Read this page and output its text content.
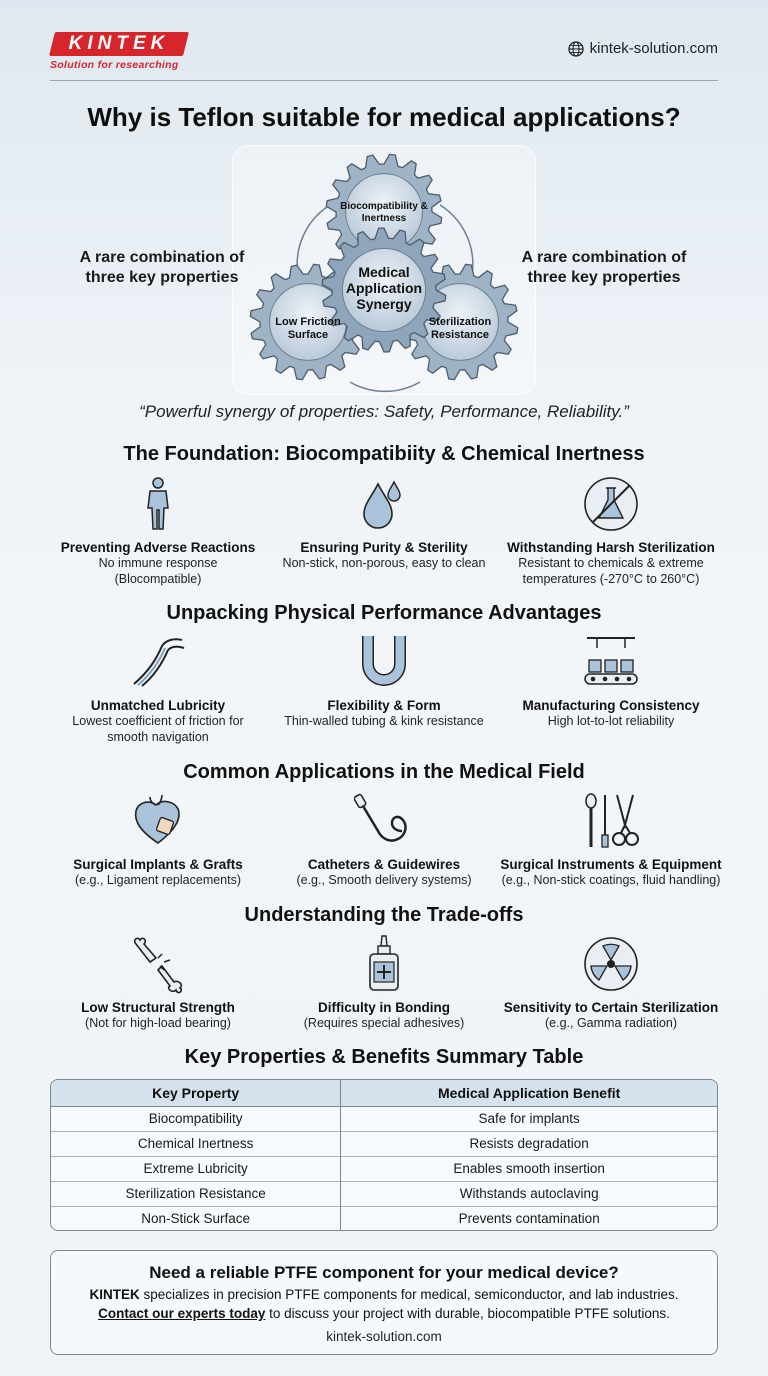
KINTEK
Solution for researching
kintek-solution.com
Why is Teflon suitable for medical applications?
A rare combination of three key properties
A rare combination of three key properties
Biocompatibility & Inertness
Medical Application Synergy
Low Friction Surface
Sterilization Resistance
“Powerful synergy of properties: Safety, Performance, Reliability.”
The Foundation: Biocompatibiity & Chemical Inertness
Preventing Adverse Reactions
No immune response (Blocompatible)
Ensuring Purity & Sterility
Non-stick, non-porous, easy to clean
Withstanding Harsh Sterilization
Resistant to chemicals & extreme temperatures (-270°C to 260°C)
Unpacking Physical Performance Advantages
Unmatched Lubricity
Lowest coefficient of friction for smooth navigation
Flexibility & Form
Thin-walled tubing & kink resistance
Manufacturing Consistency
High lot-to-lot reliability
Common Applications in the Medical Field
Surgical Implants & Grafts
(e.g., Ligament replacements)
Catheters & Guidewires
(e.g., Smooth delivery systems)
Surgical Instruments & Equipment
(e.g., Non-stick coatings, fluid handling)
Understanding the Trade-offs
Low Structural Strength
(Not for high-load bearing)
Difficulty in Bonding
(Requires special adhesives)
Sensitivity to Certain Sterilization
(e.g., Gamma radiation)
Key Properties & Benefits Summary Table
Key Property	Medical Application Benefit
Biocompatibility	Safe for implants
Chemical Inertness	Resists degradation
Extreme Lubricity	Enables smooth insertion
Sterilization Resistance	Withstands autoclaving
Non-Stick Surface	Prevents contamination
Need a reliable PTFE component for your medical device?
KINTEK specializes in precision PTFE components for medical, semiconductor, and lab industries.
Contact our experts today to discuss your project with durable, biocompatible PTFE solutions.
kintek-solution.com
